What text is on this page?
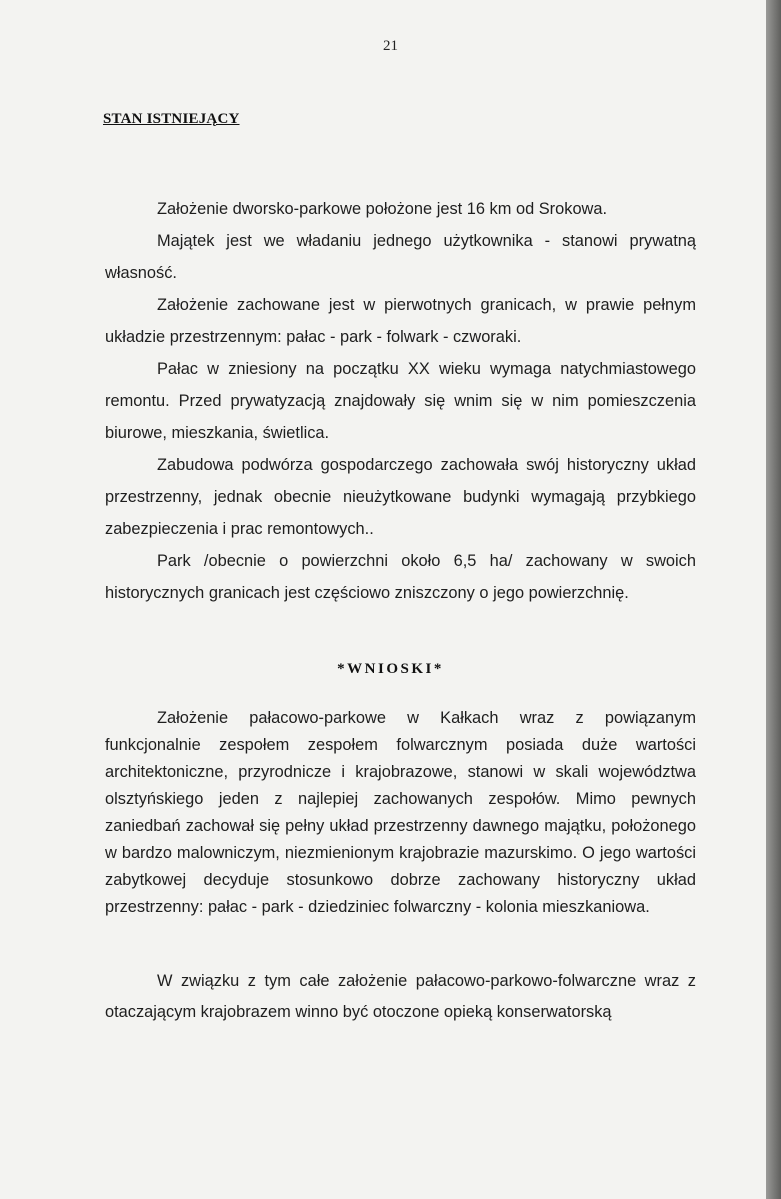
21
STAN ISTNIEJĄCY

Założenie dworsko-parkowe położone jest 16 km od Srokowa.

Majątek jest we władaniu jednego użytkownika - stanowi prywatną własność.

Założenie zachowane jest w pierwotnych granicach, w prawie pełnym układzie przestrzennym: pałac - park - folwark - czworaki.

Pałac w zniesiony na początku XX wieku wymaga natychmiastowego remontu. Przed prywatyzacją znajdowały się wnim się w nim pomieszczenia biurowe, mieszkania, świetlica.

Zabudowa podwórza gospodarczego zachowała swój historyczny układ przestrzenny, jednak obecnie nieużytkowane budynki wymagają przybkiego zabezpieczenia i prac remontowych..

Park /obecnie o powierzchni około 6,5 ha/ zachowany w swoich historycznych granicach jest częściowo zniszczony o jego powierzchnię.

*WNIOSKI*

Założenie pałacowo-parkowe w Kałkach wraz z powiązanym funkcjonalnie zespołem zespołem folwarcznym posiada duże wartości architektoniczne, przyrodnicze i krajobrazowe, stanowi w skali województwa olsztyńskiego jeden z najlepiej zachowanych zespołów. Mimo pewnych zaniedbań zachował się pełny układ przestrzenny dawnego majątku, położonego w bardzo malowniczym, niezmienionym krajobrazie mazurskimo. O jego wartości zabytkowej decyduje stosunkowo dobrze zachowany historyczny układ przestrzenny: pałac - park - dziedziniec folwarczny - kolonia mieszkaniowa.

W związku z tym całe założenie pałacowo-parkowo-folwarczne wraz z otaczającym krajobrazem winno być otoczone opieką konserwatorską
